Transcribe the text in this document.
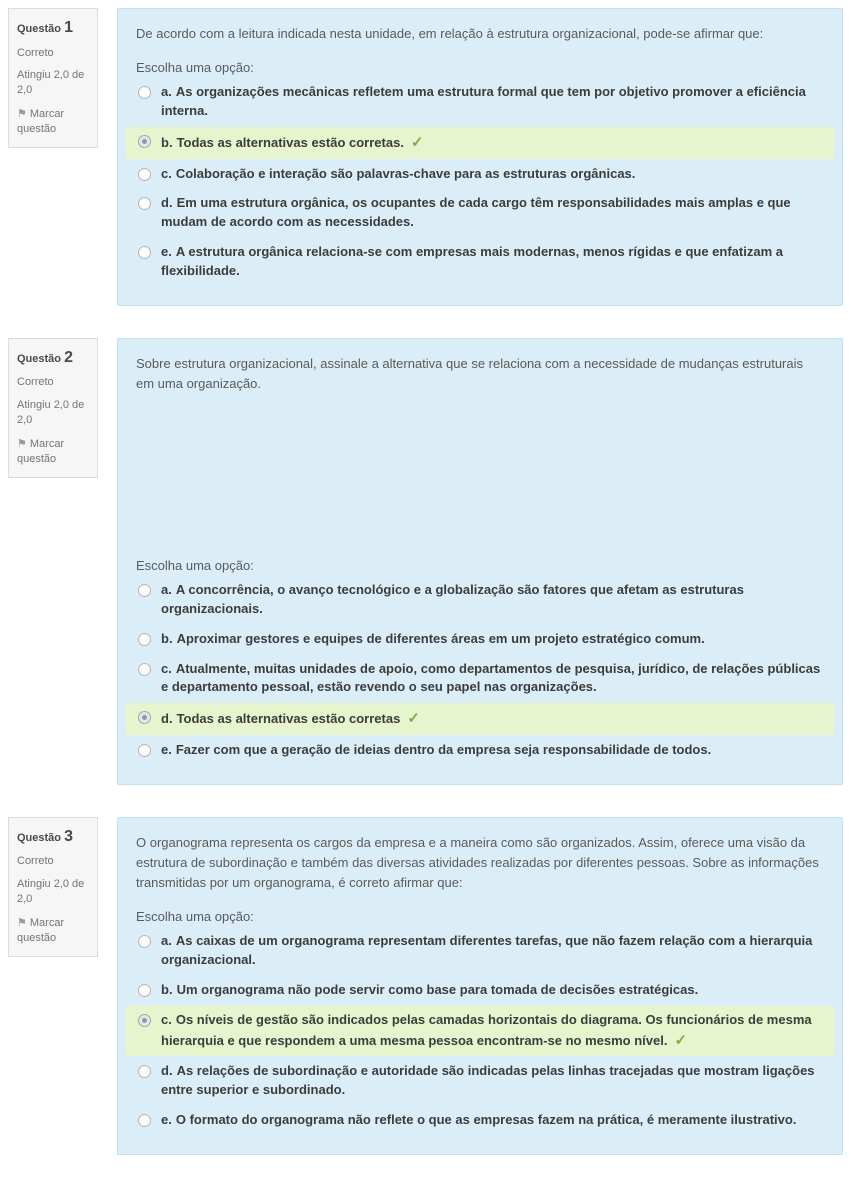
Questão 1
Correto
Atingiu 2,0 de 2,0
⚑ Marcar questão
De acordo com a leitura indicada nesta unidade, em relação à estrutura organizacional, pode-se afirmar que:
Escolha uma opção:
a. As organizações mecânicas refletem uma estrutura formal que tem por objetivo promover a eficiência interna.
b. Todas as alternativas estão corretas.✓
c. Colaboração e interação são palavras-chave para as estruturas orgânicas.
d. Em uma estrutura orgânica, os ocupantes de cada cargo têm responsabilidades mais amplas e que mudam de acordo com as necessidades.
e. A estrutura orgânica relaciona-se com empresas mais modernas, menos rígidas e que enfatizam a flexibilidade.
Questão 2
Correto
Atingiu 2,0 de 2,0
⚑ Marcar questão
Sobre estrutura organizacional, assinale a alternativa que se relaciona com a necessidade de mudanças estruturais em uma organização.
Escolha uma opção:
a. A concorrência, o avanço tecnológico e a globalização são fatores que afetam as estruturas organizacionais.
b. Aproximar gestores e equipes de diferentes áreas em um projeto estratégico comum.
c. Atualmente, muitas unidades de apoio, como departamentos de pesquisa, jurídico, de relações públicas e departamento pessoal, estão revendo o seu papel nas organizações.
d. Todas as alternativas estão corretas✓
e. Fazer com que a geração de ideias dentro da empresa seja responsabilidade de todos.
Questão 3
Correto
Atingiu 2,0 de 2,0
⚑ Marcar questão
O organograma representa os cargos da empresa e a maneira como são organizados. Assim, oferece uma visão da estrutura de subordinação e também das diversas atividades realizadas por diferentes pessoas. Sobre as informações transmitidas por um organograma, é correto afirmar que:
Escolha uma opção:
a. As caixas de um organograma representam diferentes tarefas, que não fazem relação com a hierarquia organizacional.
b. Um organograma não pode servir como base para tomada de decisões estratégicas.
c. Os níveis de gestão são indicados pelas camadas horizontais do diagrama. Os funcionários de mesma hierarquia e que respondem a uma mesma pessoa encontram-se no mesmo nível.✓
d. As relações de subordinação e autoridade são indicadas pelas linhas tracejadas que mostram ligações entre superior e subordinado.
e. O formato do organograma não reflete o que as empresas fazem na prática, é meramente ilustrativo.
